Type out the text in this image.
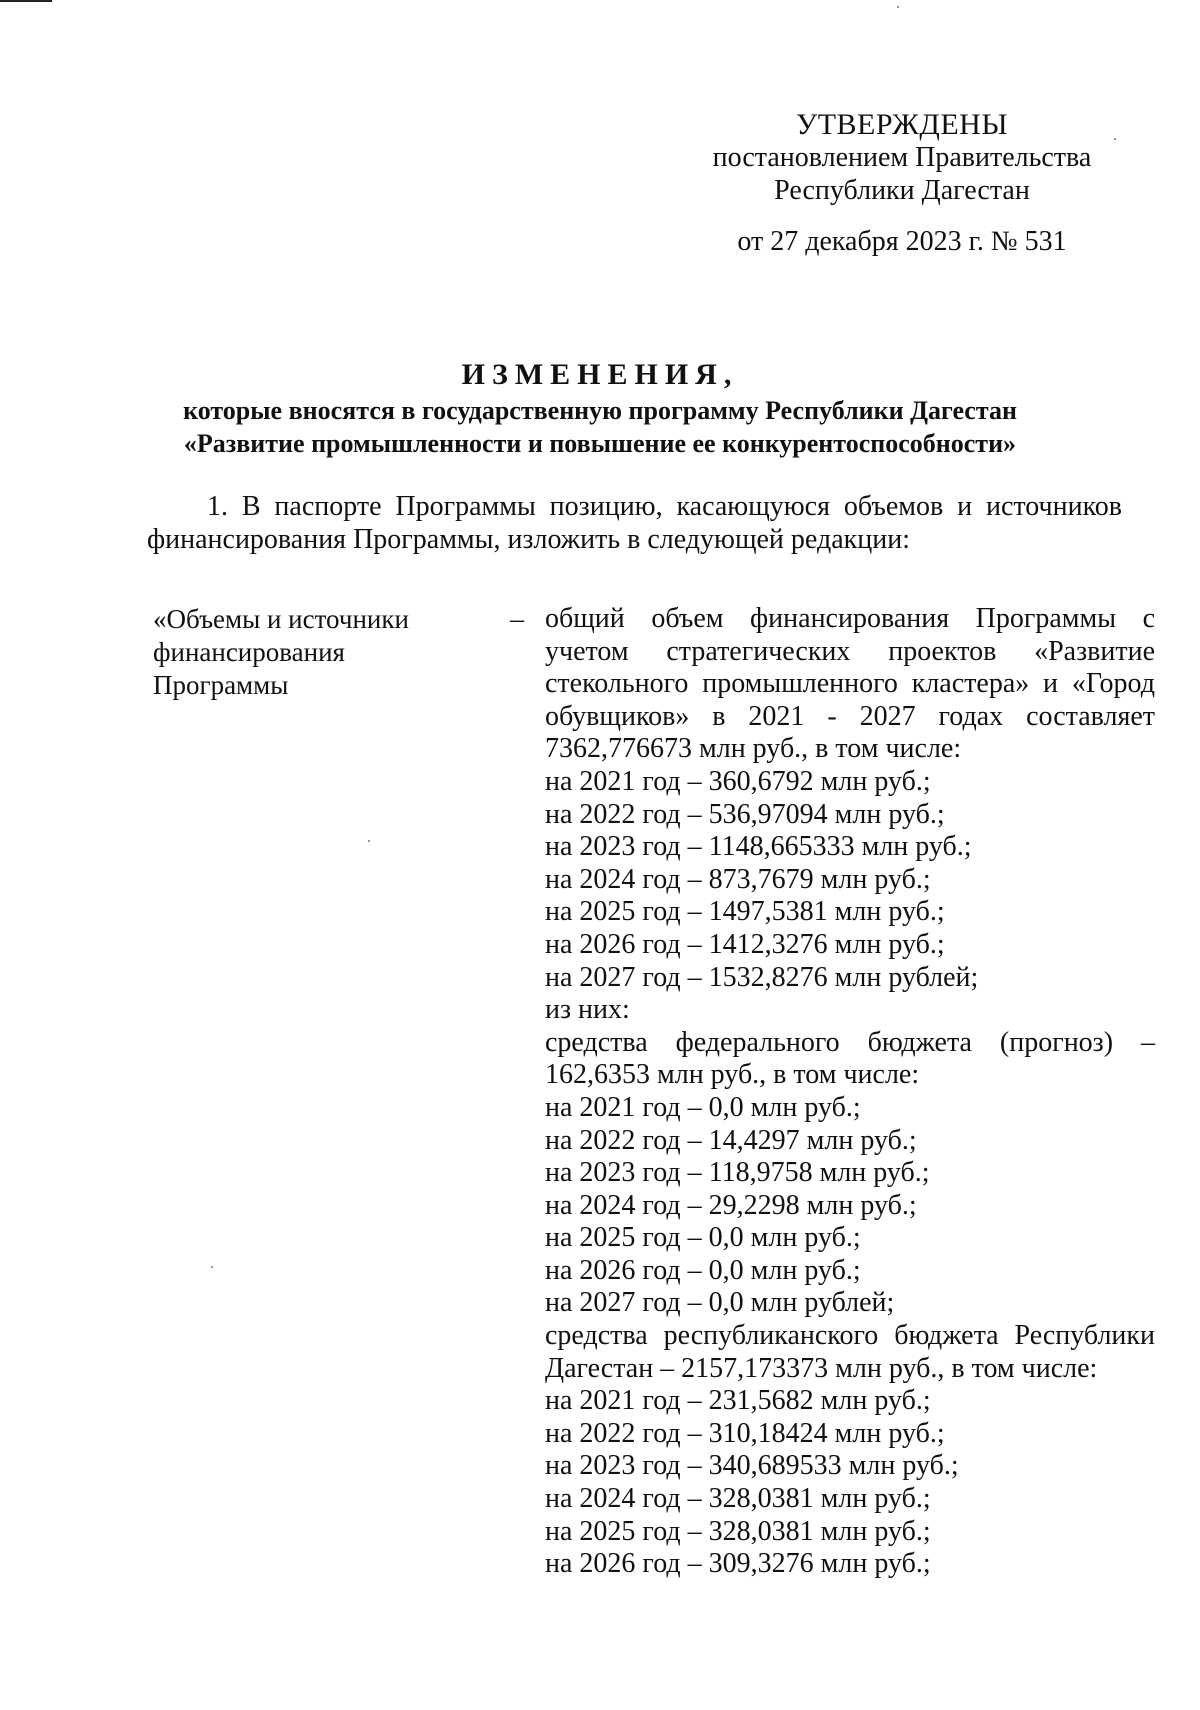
УТВЕРЖДЕНЫ
постановлением Правительства
Республики Дагестан
от 27 декабря 2023 г. № 531
ИЗМЕНЕНИЯ,
которые вносятся в государственную программу Республики Дагестан
«Развитие промышленности и повышение ее конкурентоспособности»
1. В паспорте Программы позицию, касающуюся объемов и источников финансирования Программы, изложить в следующей редакции:
«Объемы и источники финансирования Программы
– общий объем финансирования Программы с учетом стратегических проектов «Развитие стекольного промышленного кластера» и «Город обувщиков» в 2021 - 2027 годах составляет 7362,776673 млн руб., в том числе:
на 2021 год – 360,6792 млн руб.;
на 2022 год – 536,97094 млн руб.;
на 2023 год – 1148,665333 млн руб.;
на 2024 год – 873,7679 млн руб.;
на 2025 год – 1497,5381 млн руб.;
на 2026 год – 1412,3276 млн руб.;
на 2027 год – 1532,8276 млн рублей;
из них:
средства федерального бюджета (прогноз) – 162,6353 млн руб., в том числе:
на 2021 год – 0,0 млн руб.;
на 2022 год – 14,4297 млн руб.;
на 2023 год – 118,9758 млн руб.;
на 2024 год – 29,2298 млн руб.;
на 2025 год – 0,0 млн руб.;
на 2026 год – 0,0 млн руб.;
на 2027 год – 0,0 млн рублей;
средства республиканского бюджета Республики Дагестан – 2157,173373 млн руб., в том числе:
на 2021 год – 231,5682 млн руб.;
на 2022 год – 310,18424 млн руб.;
на 2023 год – 340,689533 млн руб.;
на 2024 год – 328,0381 млн руб.;
на 2025 год – 328,0381 млн руб.;
на 2026 год – 309,3276 млн руб.;
